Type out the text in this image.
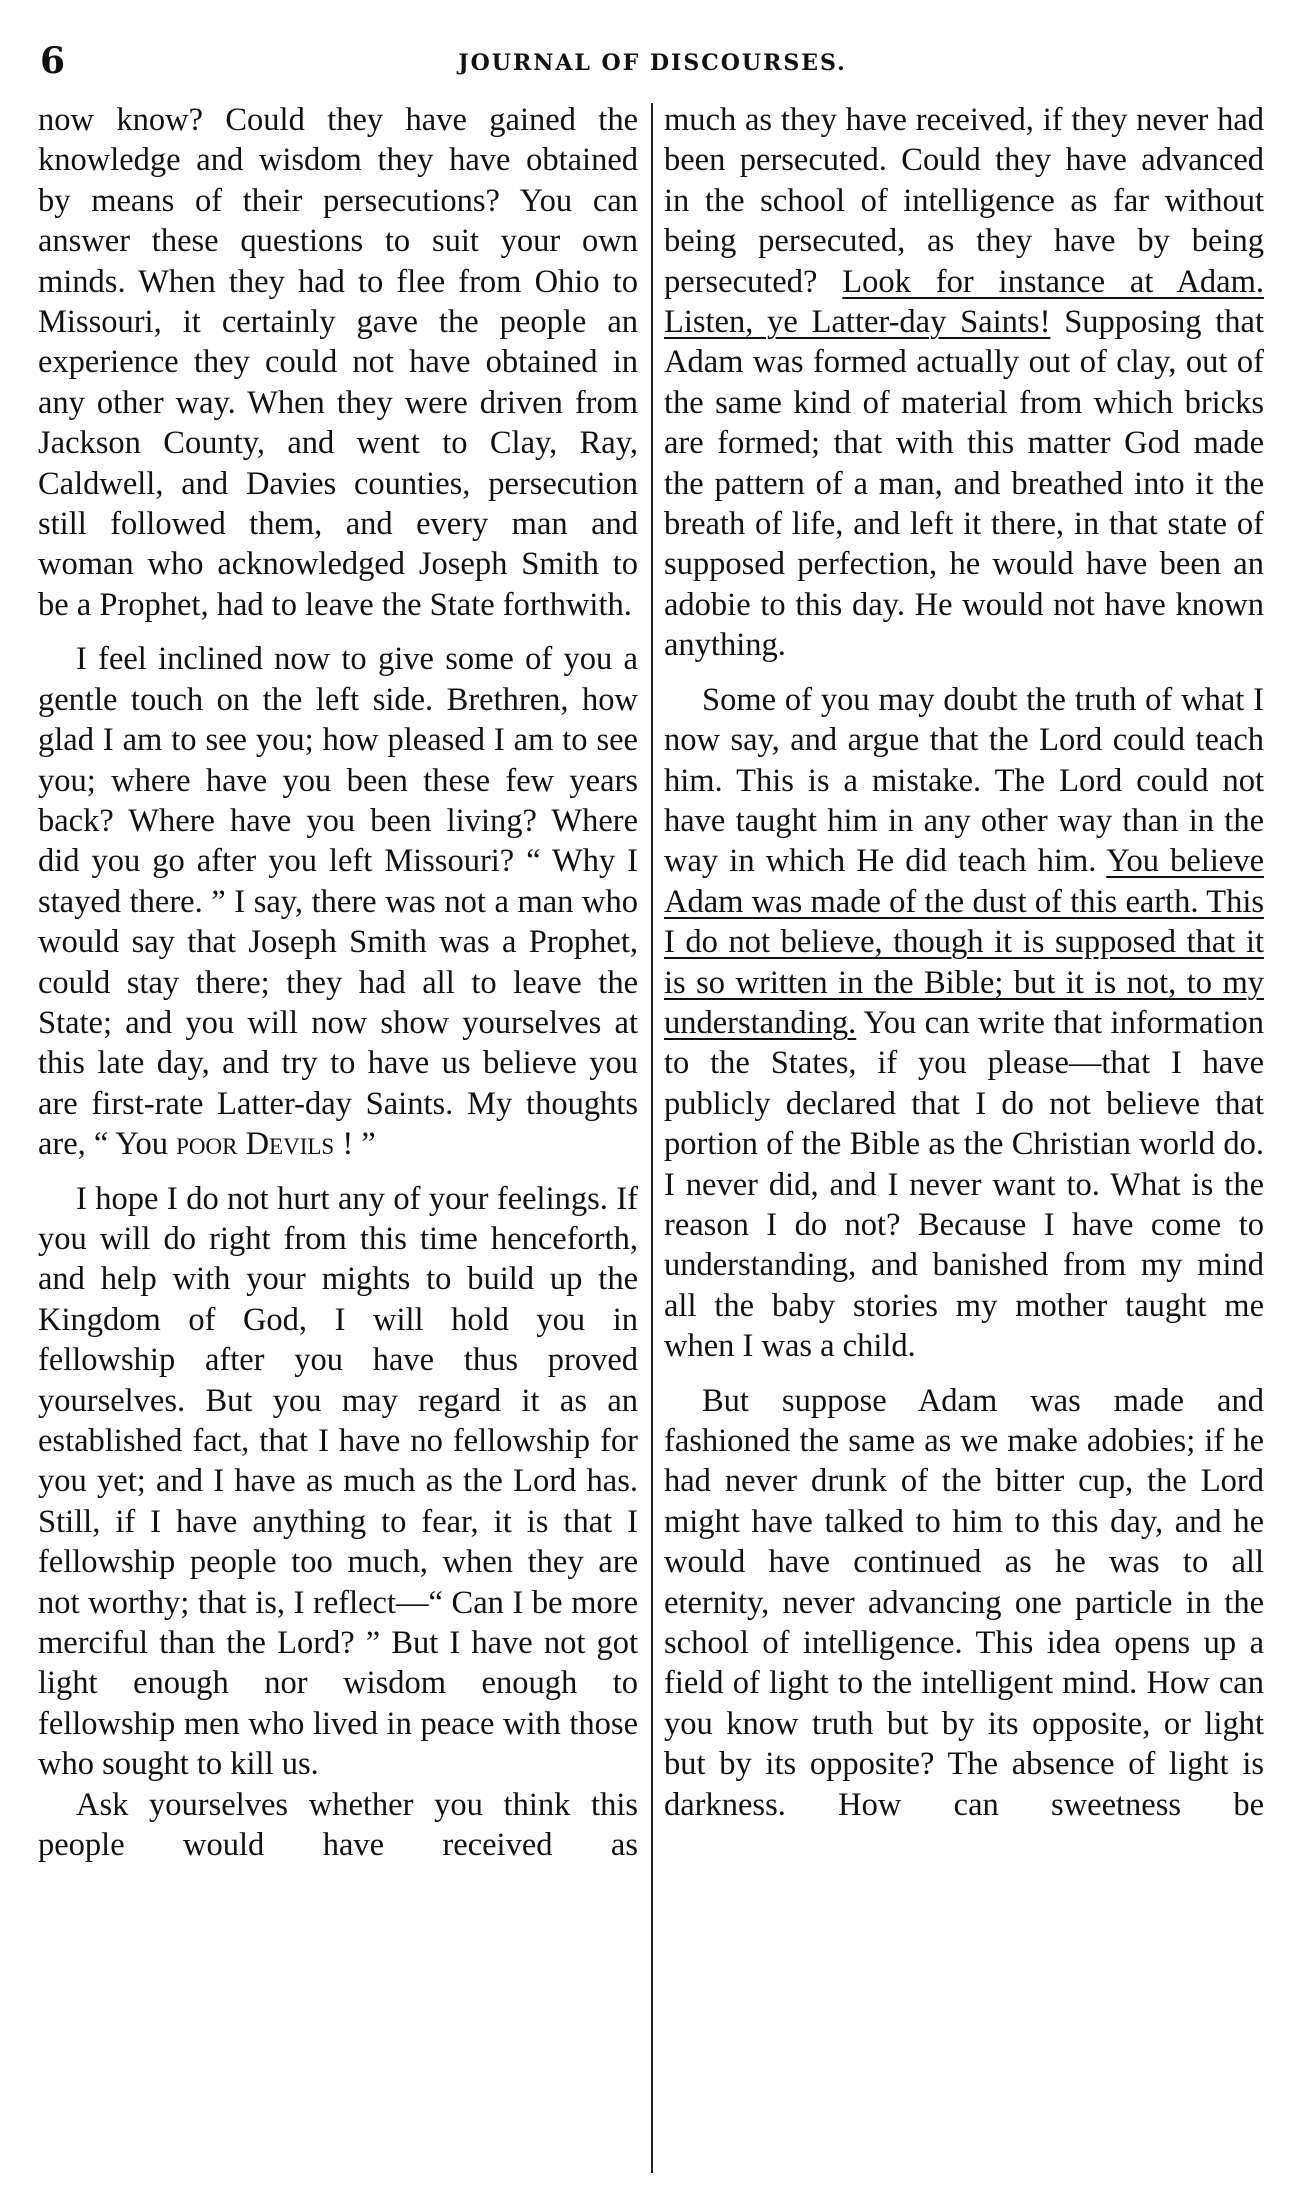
6	JOURNAL OF DISCOURSES.

now know? Could they have gained the knowledge and wisdom they have obtained by means of their persecutions? You can answer these questions to suit your own minds. When they had to flee from Ohio to Missouri, it certainly gave the people an experience they could not have obtained in any other way. When they were driven from Jackson County, and went to Clay, Ray, Caldwell, and Davies counties, persecution still followed them, and every man and woman who acknowledged Joseph Smith to be a Prophet, had to leave the State forthwith.

I feel inclined now to give some of you a gentle touch on the left side. Brethren, how glad I am to see you; how pleased I am to see you; where have you been these few years back? Where have you been living? Where did you go after you left Missouri? “ Why I stayed there. ” I say, there was not a man who would say that Joseph Smith was a Prophet, could stay there; they had all to leave the State; and you will now show yourselves at this late day, and try to have us believe you are first-rate Latter-day Saints. My thoughts are, “ You poor Devils ! ”

I hope I do not hurt any of your feelings. If you will do right from this time henceforth, and help with your mights to build up the Kingdom of God, I will hold you in fellowship after you have thus proved yourselves. But you may regard it as an established fact, that I have no fellowship for you yet; and I have as much as the Lord has. Still, if I have anything to fear, it is that I fellowship people too much, when they are not worthy; that is, I reflect—“ Can I be more merciful than the Lord? ” But I have not got light enough nor wisdom enough to fellowship men who lived in peace with those who sought to kill us.

Ask yourselves whether you think this people would have received as

much as they have received, if they never had been persecuted. Could they have advanced in the school of intelligence as far without being persecuted, as they have by being persecuted? Look for instance at Adam. Listen, ye Latter-day Saints! Supposing that Adam was formed actually out of clay, out of the same kind of material from which bricks are formed; that with this matter God made the pattern of a man, and breathed into it the breath of life, and left it there, in that state of supposed perfection, he would have been an adobie to this day. He would not have known anything.

Some of you may doubt the truth of what I now say, and argue that the Lord could teach him. This is a mistake. The Lord could not have taught him in any other way than in the way in which He did teach him. You believe Adam was made of the dust of this earth. This I do not believe, though it is supposed that it is so written in the Bible; but it is not, to my understanding. You can write that information to the States, if you please—that I have publicly declared that I do not believe that portion of the Bible as the Christian world do. I never did, and I never want to. What is the reason I do not? Because I have come to understanding, and banished from my mind all the baby stories my mother taught me when I was a child.

But suppose Adam was made and fashioned the same as we make adobies; if he had never drunk of the bitter cup, the Lord might have talked to him to this day, and he would have continued as he was to all eternity, never advancing one particle in the school of intelligence. This idea opens up a field of light to the intelligent mind. How can you know truth but by its opposite, or light but by its opposite? The absence of light is darkness. How can sweetness be
